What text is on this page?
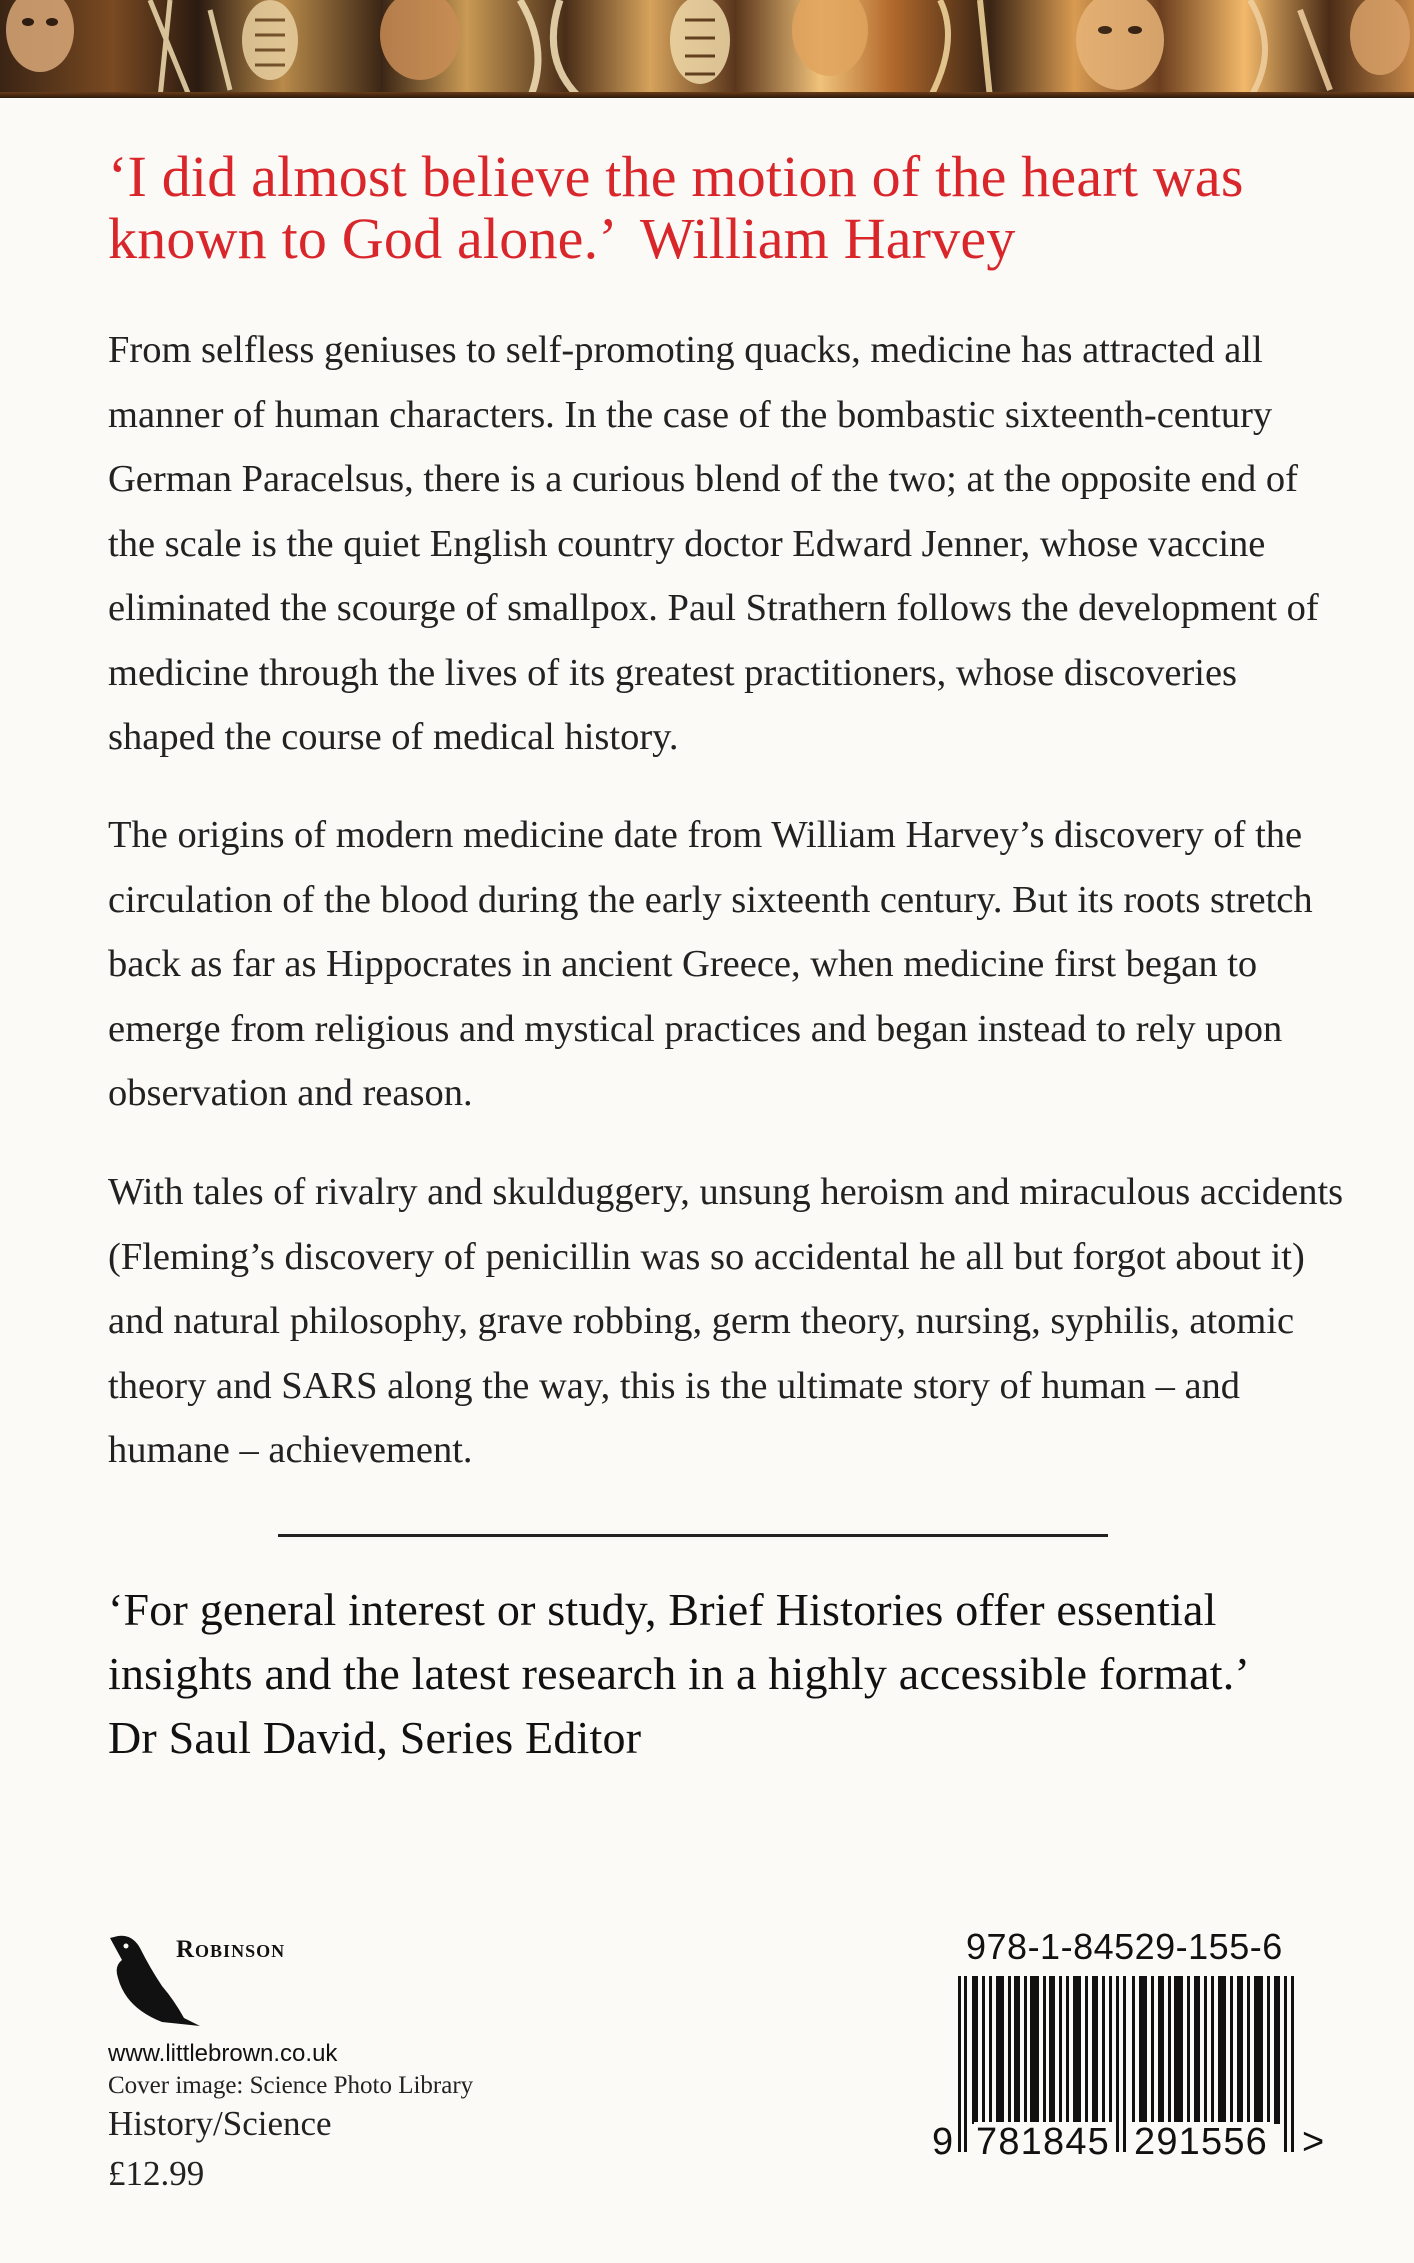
‘I did almost believe the motion of the heart was known to God alone.’ William Harvey

From selfless geniuses to self-promoting quacks, medicine has attracted all manner of human characters. In the case of the bombastic sixteenth-century German Paracelsus, there is a curious blend of the two; at the opposite end of the scale is the quiet English country doctor Edward Jenner, whose vaccine eliminated the scourge of smallpox. Paul Strathern follows the development of medicine through the lives of its greatest practitioners, whose discoveries shaped the course of medical history.

The origins of modern medicine date from William Harvey’s discovery of the circulation of the blood during the early sixteenth century. But its roots stretch back as far as Hippocrates in ancient Greece, when medicine first began to emerge from religious and mystical practices and began instead to rely upon observation and reason.

With tales of rivalry and skulduggery, unsung heroism and miraculous accidents (Fleming’s discovery of penicillin was so accidental he all but forgot about it) and natural philosophy, grave robbing, germ theory, nursing, syphilis, atomic theory and SARS along the way, this is the ultimate story of human – and humane – achievement.

‘For general interest or study, Brief Histories offer essential insights and the latest research in a highly accessible format.’

Dr Saul David, Series Editor

Robinson
www.littlebrown.co.uk
Cover image: Science Photo Library
History/Science
£12.99
978-1-84529-155-6
9 781845 291556 >
